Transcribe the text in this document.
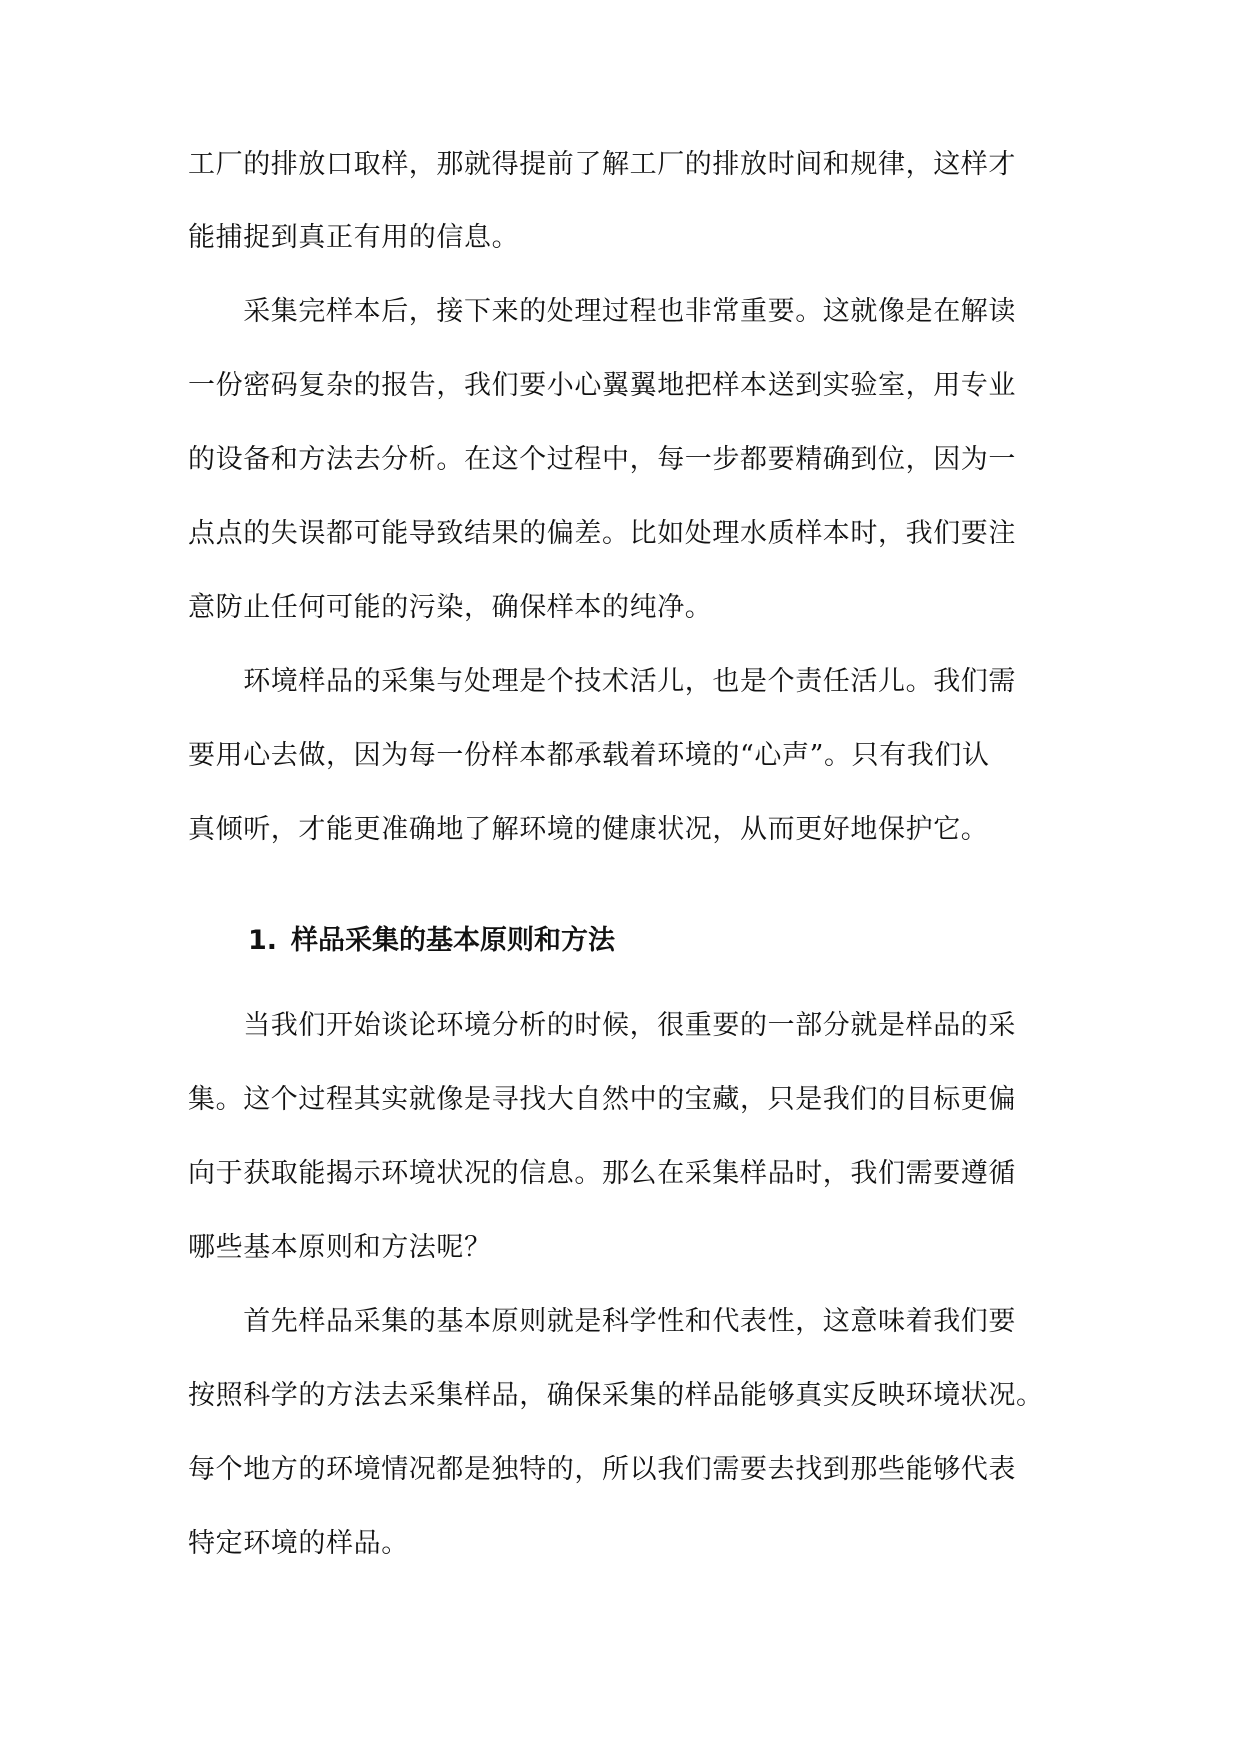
工厂的排放口取样，那就得提前了解工厂的排放时间和规律，这样才
能捕捉到真正有用的信息。
　　采集完样本后，接下来的处理过程也非常重要。这就像是在解读
一份密码复杂的报告，我们要小心翼翼地把样本送到实验室，用专业
的设备和方法去分析。在这个过程中，每一步都要精确到位，因为一
点点的失误都可能导致结果的偏差。比如处理水质样本时，我们要注
意防止任何可能的污染，确保样本的纯净。
　　环境样品的采集与处理是个技术活儿，也是个责任活儿。我们需
要用心去做，因为每一份样本都承载着环境的“心声”。只有我们认
真倾听，才能更准确地了解环境的健康状况，从而更好地保护它。
1. 样品采集的基本原则和方法
　　当我们开始谈论环境分析的时候，很重要的一部分就是样品的采
集。这个过程其实就像是寻找大自然中的宝藏，只是我们的目标更偏
向于获取能揭示环境状况的信息。那么在采集样品时，我们需要遵循
哪些基本原则和方法呢？
　　首先样品采集的基本原则就是科学性和代表性，这意味着我们要
按照科学的方法去采集样品，确保采集的样品能够真实反映环境状况。
每个地方的环境情况都是独特的，所以我们需要去找到那些能够代表
特定环境的样品。
